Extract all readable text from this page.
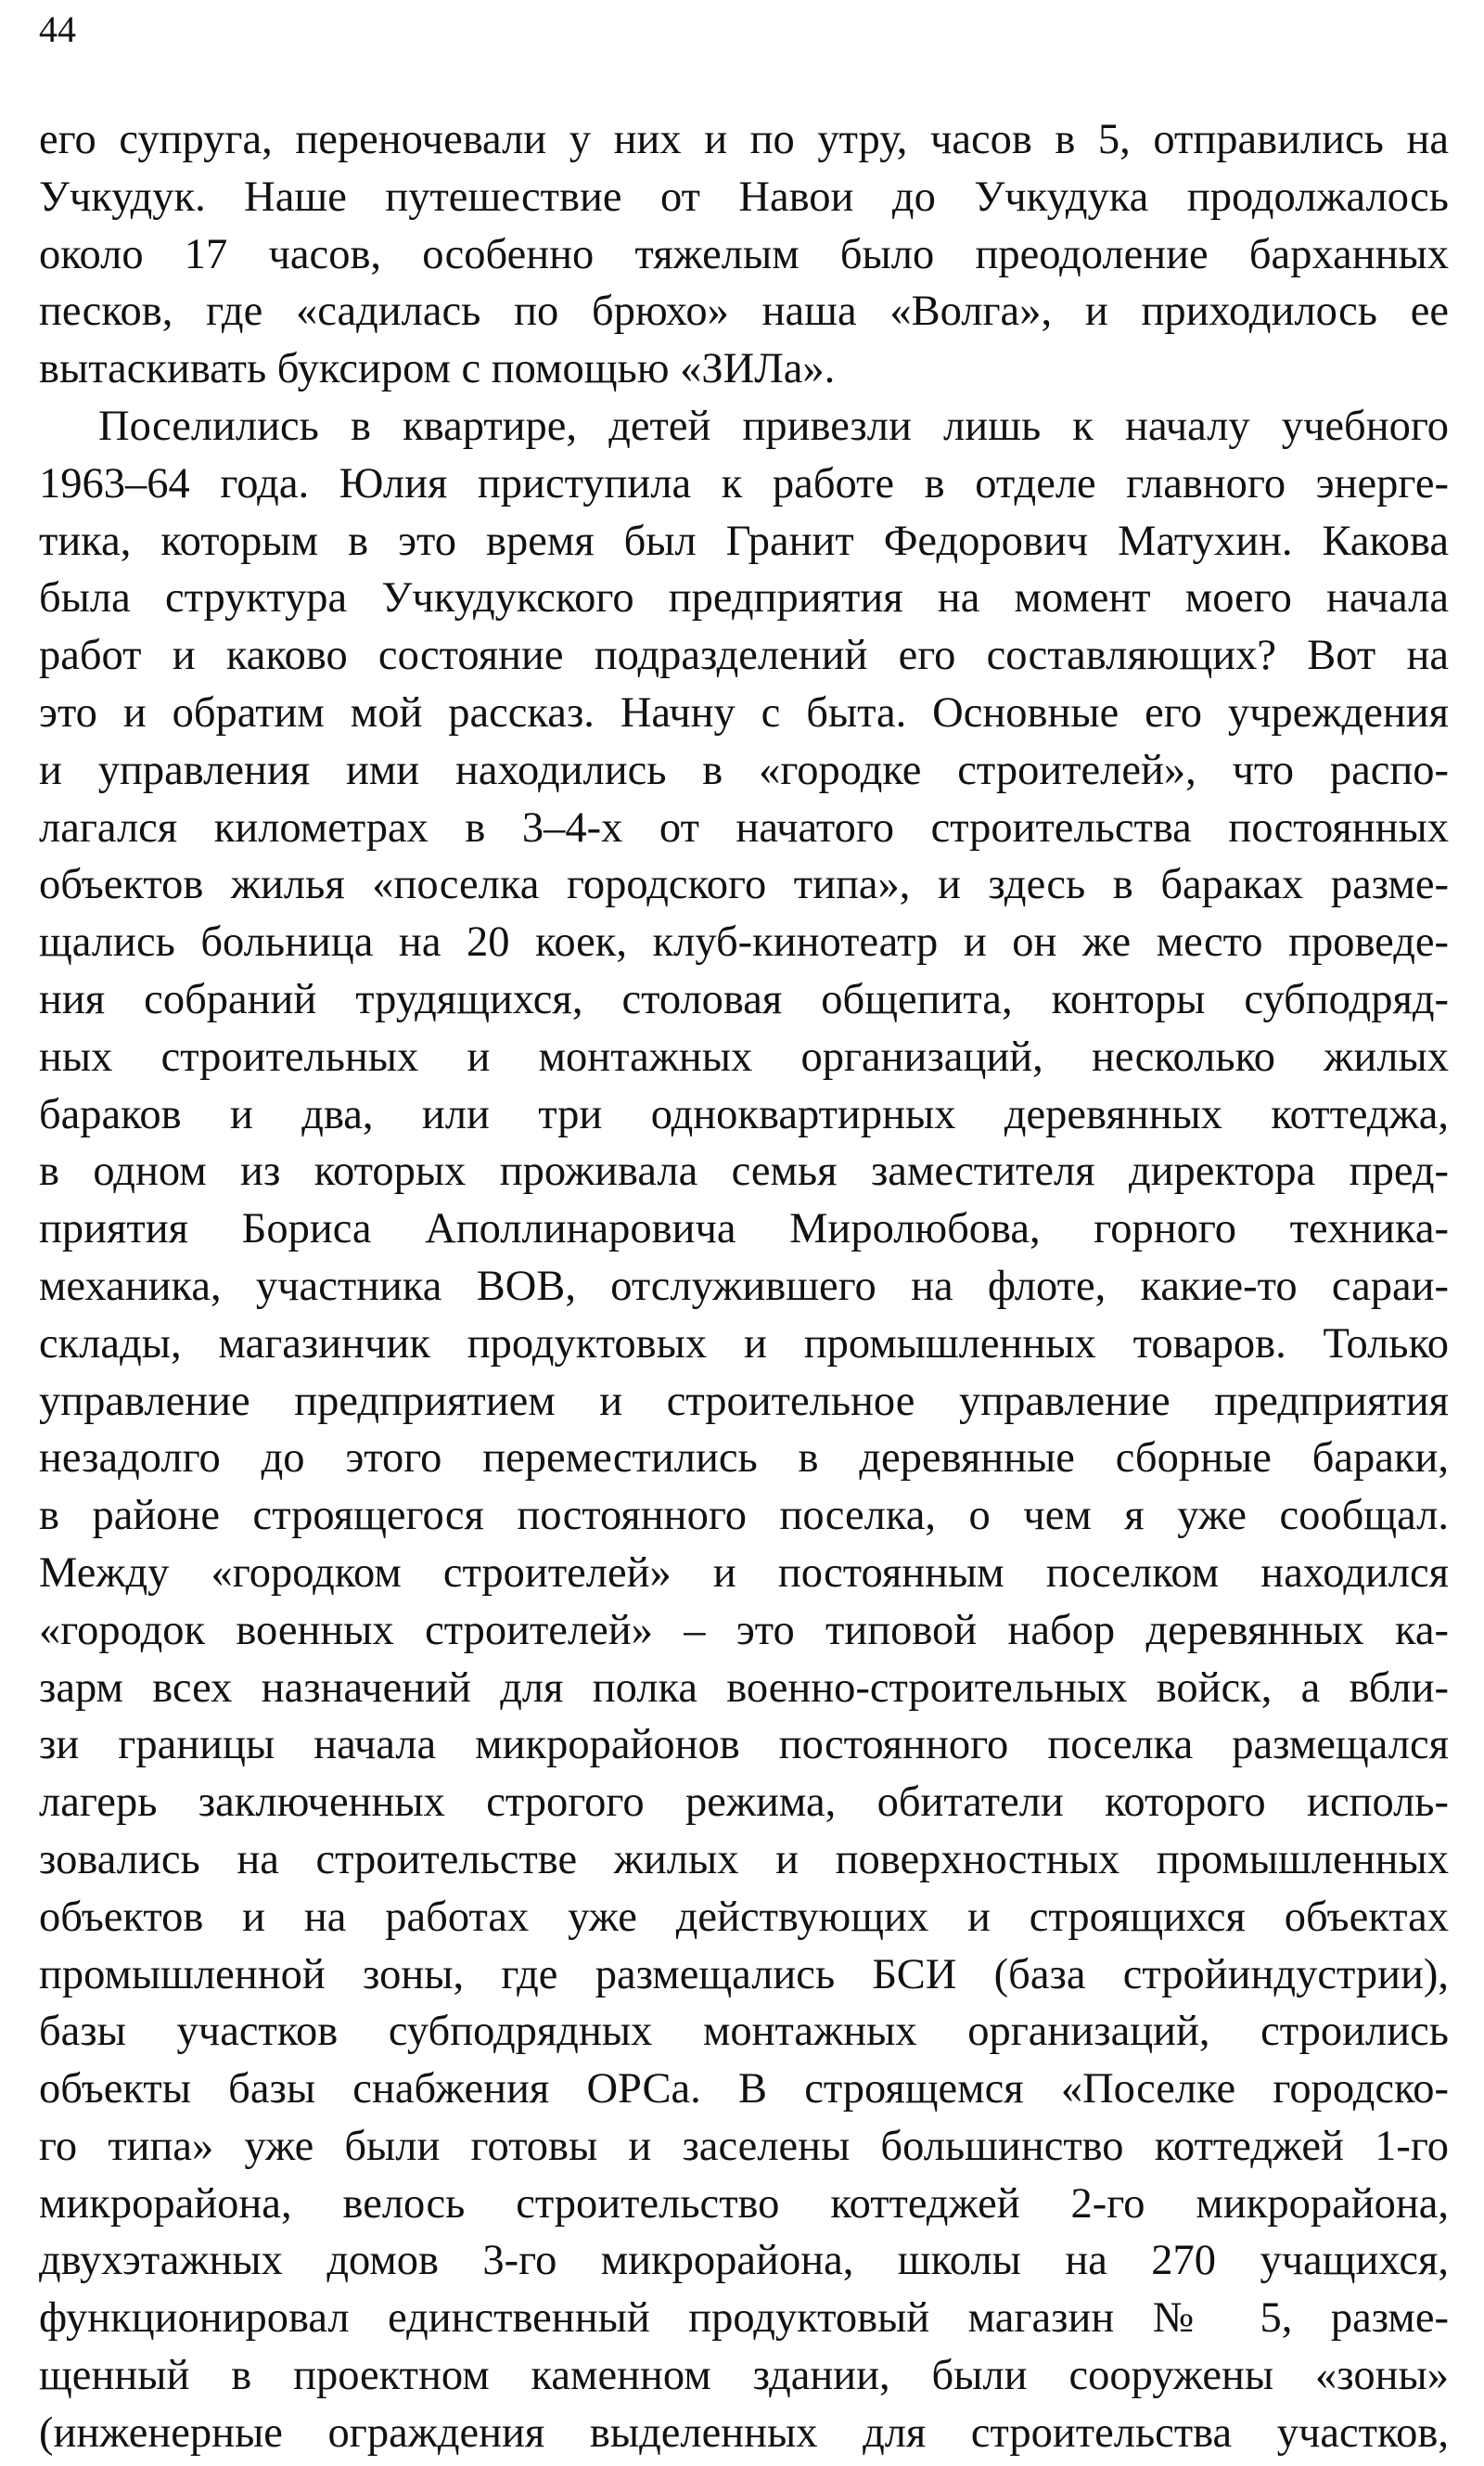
44
его супруга, переночевали у них и по утру, часов в 5, отправились на
Учкудук. Наше путешествие от Навои до Учкудука продолжалось
около 17 часов, особенно тяжелым было преодоление барханных
песков, где «садилась по брюхо» наша «Волга», и приходилось ее
вытаскивать буксиром с помощью «ЗИЛа».
Поселились в квартире, детей привезли лишь к началу учебного
1963–64 года. Юлия приступила к работе в отделе главного энерге-
тика, которым в это время был Гранит Федорович Матухин. Какова
была структура Учкудукского предприятия на момент моего начала
работ и каково состояние подразделений его составляющих? Вот на
это и обратим мой рассказ. Начну с быта. Основные его учреждения
и управления ими находились в «городке строителей», что распо-
лагался километрах в 3–4-х от начатого строительства постоянных
объектов жилья «поселка городского типа», и здесь в бараках разме-
щались больница на 20 коек, клуб-кинотеатр и он же место проведе-
ния собраний трудящихся, столовая общепита, конторы субподряд-
ных строительных и монтажных организаций, несколько жилых
бараков и два, или три одноквартирных деревянных коттеджа,
в одном из которых проживала семья заместителя директора пред-
приятия Бориса Аполлинаровича Миролюбова, горного техника-
механика, участника ВОВ, отслужившего на флоте, какие-то сараи-
склады, магазинчик продуктовых и промышленных товаров. Только
управление предприятием и строительное управление предприятия
незадолго до этого переместились в деревянные сборные бараки,
в районе строящегося постоянного поселка, о чем я уже сообщал.
Между «городком строителей» и постоянным поселком находился
«городок военных строителей» – это типовой набор деревянных ка-
зарм всех назначений для полка военно-строительных войск, а вбли-
зи границы начала микрорайонов постоянного поселка размещался
лагерь заключенных строгого режима, обитатели которого исполь-
зовались на строительстве жилых и поверхностных промышленных
объектов и на работах уже действующих и строящихся объектах
промышленной зоны, где размещались БСИ (база стройиндустрии),
базы участков субподрядных монтажных организаций, строились
объекты базы снабжения ОРСа. В строящемся «Поселке городско-
го типа» уже были готовы и заселены большинство коттеджей 1-го
микрорайона, велось строительство коттеджей 2-го микрорайона,
двухэтажных домов 3-го микрорайона, школы на 270 учащихся,
функционировал единственный продуктовый магазин № 5, разме-
щенный в проектном каменном здании, были сооружены «зоны»
(инженерные ограждения выделенных для строительства участков,
